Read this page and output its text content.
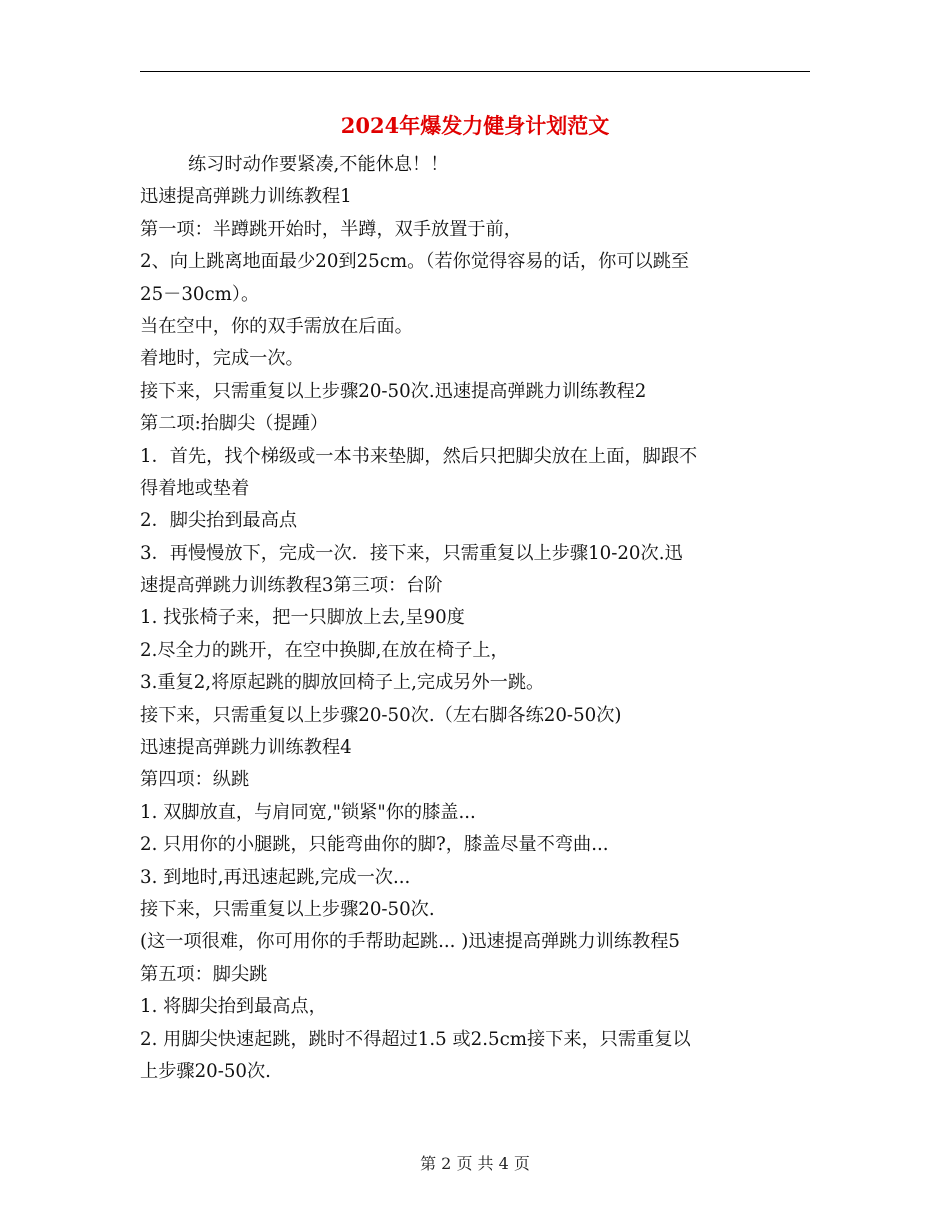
2024年爆发力健身计划范文
练习时动作要紧凑,不能休息！！
迅速提高弹跳力训练教程1
第一项：半蹲跳开始时，半蹲，双手放置于前，
2、向上跳离地面最少20到25cm。（若你觉得容易的话，你可以跳至
25－30cm）。
当在空中，你的双手需放在后面。
着地时，完成一次。
接下来，只需重复以上步骤20-50次.迅速提高弹跳力训练教程2
第二项:抬脚尖（提踵）
1．首先，找个梯级或一本书来垫脚，然后只把脚尖放在上面，脚跟不
得着地或垫着
2．脚尖抬到最高点
3．再慢慢放下，完成一次．接下来，只需重复以上步骤10-20次.迅
速提高弹跳力训练教程3第三项：台阶
1. 找张椅子来，把一只脚放上去,呈90度
2.尽全力的跳开，在空中换脚,在放在椅子上，
3.重复2,将原起跳的脚放回椅子上,完成另外一跳。
接下来，只需重复以上步骤20-50次.（左右脚各练20-50次)
迅速提高弹跳力训练教程4
第四项：纵跳
1. 双脚放直，与肩同宽,"锁紧"你的膝盖...
2. 只用你的小腿跳，只能弯曲你的脚?，膝盖尽量不弯曲...
3. 到地时,再迅速起跳,完成一次...
接下来，只需重复以上步骤20-50次.
(这一项很难，你可用你的手帮助起跳... )迅速提高弹跳力训练教程5
第五项：脚尖跳
1. 将脚尖抬到最高点，
2. 用脚尖快速起跳，跳时不得超过1.5 或2.5cm接下来，只需重复以
上步骤20-50次.
第 2 页 共 4 页
